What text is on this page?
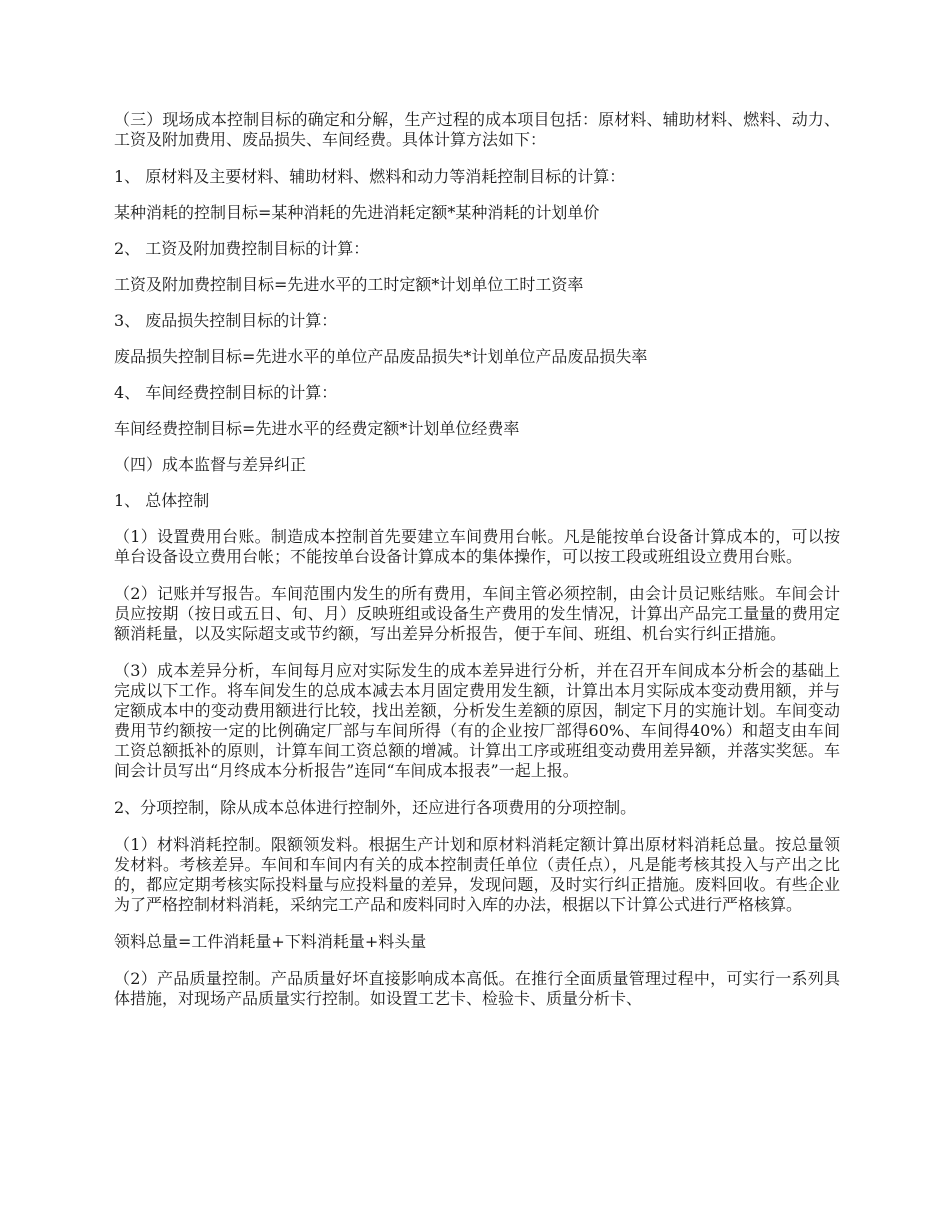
（三）现场成本控制目标的确定和分解，生产过程的成本项目包括：原材料、辅助材料、燃料、动力、工资及附加费用、废品损失、车间经费。具体计算方法如下：

1、 原材料及主要材料、辅助材料、燃料和动力等消耗控制目标的计算：

某种消耗的控制目标=某种消耗的先进消耗定额*某种消耗的计划单价

2、 工资及附加费控制目标的计算：

工资及附加费控制目标=先进水平的工时定额*计划单位工时工资率

3、 废品损失控制目标的计算：

废品损失控制目标=先进水平的单位产品废品损失*计划单位产品废品损失率

4、 车间经费控制目标的计算：

车间经费控制目标=先进水平的经费定额*计划单位经费率

（四）成本监督与差异纠正

1、 总体控制

（1）设置费用台账。制造成本控制首先要建立车间费用台帐。凡是能按单台设备计算成本的，可以按单台设备设立费用台帐；不能按单台设备计算成本的集体操作，可以按工段或班组设立费用台账。

（2）记账并写报告。车间范围内发生的所有费用，车间主管必须控制，由会计员记账结账。车间会计员应按期（按日或五日、旬、月）反映班组或设备生产费用的发生情况，计算出产品完工量量的费用定额消耗量，以及实际超支或节约额，写出差异分析报告，便于车间、班组、机台实行纠正措施。

（3）成本差异分析，车间每月应对实际发生的成本差异进行分析，并在召开车间成本分析会的基础上完成以下工作。将车间发生的总成本减去本月固定费用发生额，计算出本月实际成本变动费用额，并与定额成本中的变动费用额进行比较，找出差额，分析发生差额的原因，制定下月的实施计划。车间变动费用节约额按一定的比例确定厂部与车间所得（有的企业按厂部得60%、车间得40%）和超支由车间工资总额抵补的原则，计算车间工资总额的增减。计算出工序或班组变动费用差异额，并落实奖惩。车间会计员写出“月终成本分析报告”连同“车间成本报表”一起上报。

2、分项控制，除从成本总体进行控制外，还应进行各项费用的分项控制。

（1）材料消耗控制。限额领发料。根据生产计划和原材料消耗定额计算出原材料消耗总量。按总量领发材料。考核差异。车间和车间内有关的成本控制责任单位（责任点），凡是能考核其投入与产出之比的，都应定期考核实际投料量与应投料量的差异，发现问题，及时实行纠正措施。废料回收。有些企业为了严格控制材料消耗，采纳完工产品和废料同时入库的办法，根据以下计算公式进行严格核算。

领料总量=工件消耗量+下料消耗量+料头量

（2）产品质量控制。产品质量好坏直接影响成本高低。在推行全面质量管理过程中，可实行一系列具体措施，对现场产品质量实行控制。如设置工艺卡、检验卡、质量分析卡、
